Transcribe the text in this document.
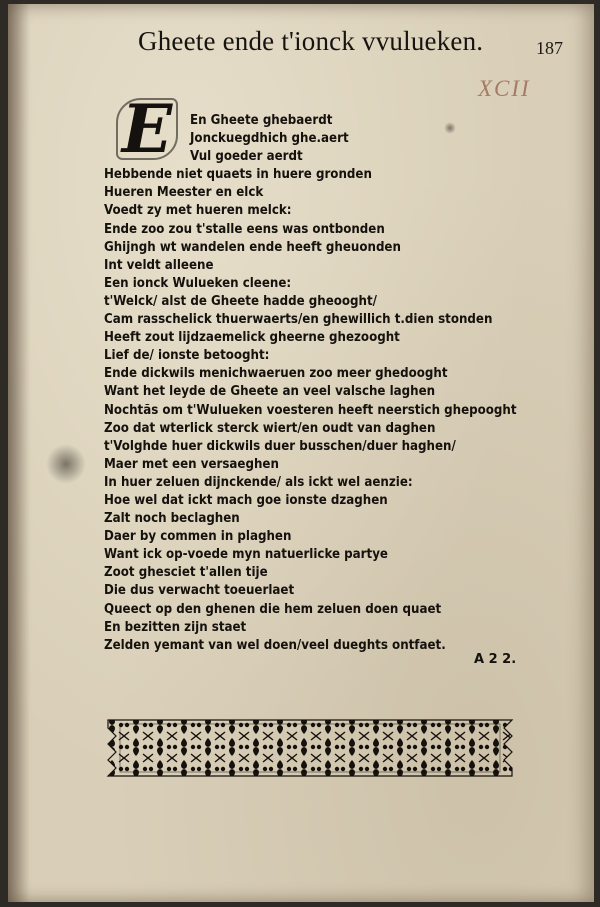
Gheete ende t'ionck vvulueken.	187
XCII
E	En Gheete ghebaerdt
Jonckuegdhich ghe.aert
Vul goeder aerdt
Hebbende niet quaets in huere gronden
Hueren Meester en elck
Voedt zy met hueren melck:
Ende zoo zou t'stalle eens was ontbonden
Ghijngh wt wandelen ende heeft gheuonden
Int veldt alleene
Een ionck Wulueken cleene:
t'Welck/ alst de Gheete hadde gheooght/
Cam rasschelick thuerwaerts/en ghewillich t.dien stonden
Heeft zout lijdzaemelick gheerne ghezooght
Lief de/ ionste betooght:
Ende dickwils menichwaeruen zoo meer ghedooght
Want het leyde de Gheete an veel valsche laghen
Nochtãs om t'Wulueken voesteren heeft neerstich ghepooght
Zoo dat wterlick sterck wiert/en oudt van daghen
t'Volghde huer dickwils duer busschen/duer haghen/
Maer met een versaeghen
In huer zeluen dijnckende/ als ickt wel aenzie:
Hoe wel dat ickt mach goe ionste dzaghen
Zalt noch beclaghen
Daer by commen in plaghen
Want ick op-voede myn natuerlicke partye
Zoot ghesciet t'allen tije
Die dus verwacht toeuerlaet
Queect op den ghenen die hem zeluen doen quaet
En bezitten zijn staet
Zelden yemant van wel doen/veel dueghts ontfaet.
A 2 2.
